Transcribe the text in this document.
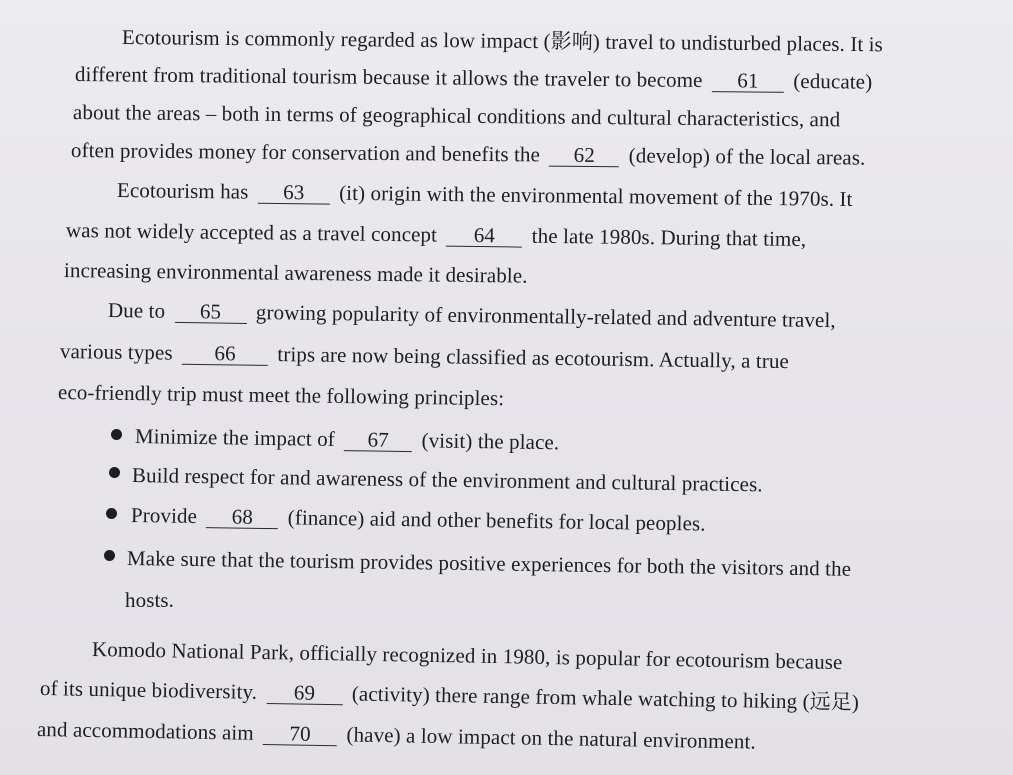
Ecotourism is commonly regarded as low impact (影响) travel to undisturbed places. It is
different from traditional tourism because it allows the traveler to become 61 (educate)
about the areas – both in terms of geographical conditions and cultural characteristics, and
often provides money for conservation and benefits the 62 (develop) of the local areas.
Ecotourism has 63 (it) origin with the environmental movement of the 1970s. It
was not widely accepted as a travel concept 64 the late 1980s. During that time,
increasing environmental awareness made it desirable.
Due to 65 growing popularity of environmentally-related and adventure travel,
various types 66 trips are now being classified as ecotourism. Actually, a true
eco-friendly trip must meet the following principles:
Minimize the impact of 67 (visit) the place.
Build respect for and awareness of the environment and cultural practices.
Provide 68 (finance) aid and other benefits for local peoples.
Make sure that the tourism provides positive experiences for both the visitors and the
hosts.
Komodo National Park, officially recognized in 1980, is popular for ecotourism because
of its unique biodiversity. 69 (activity) there range from whale watching to hiking (远足)
and accommodations aim 70 (have) a low impact on the natural environment.
